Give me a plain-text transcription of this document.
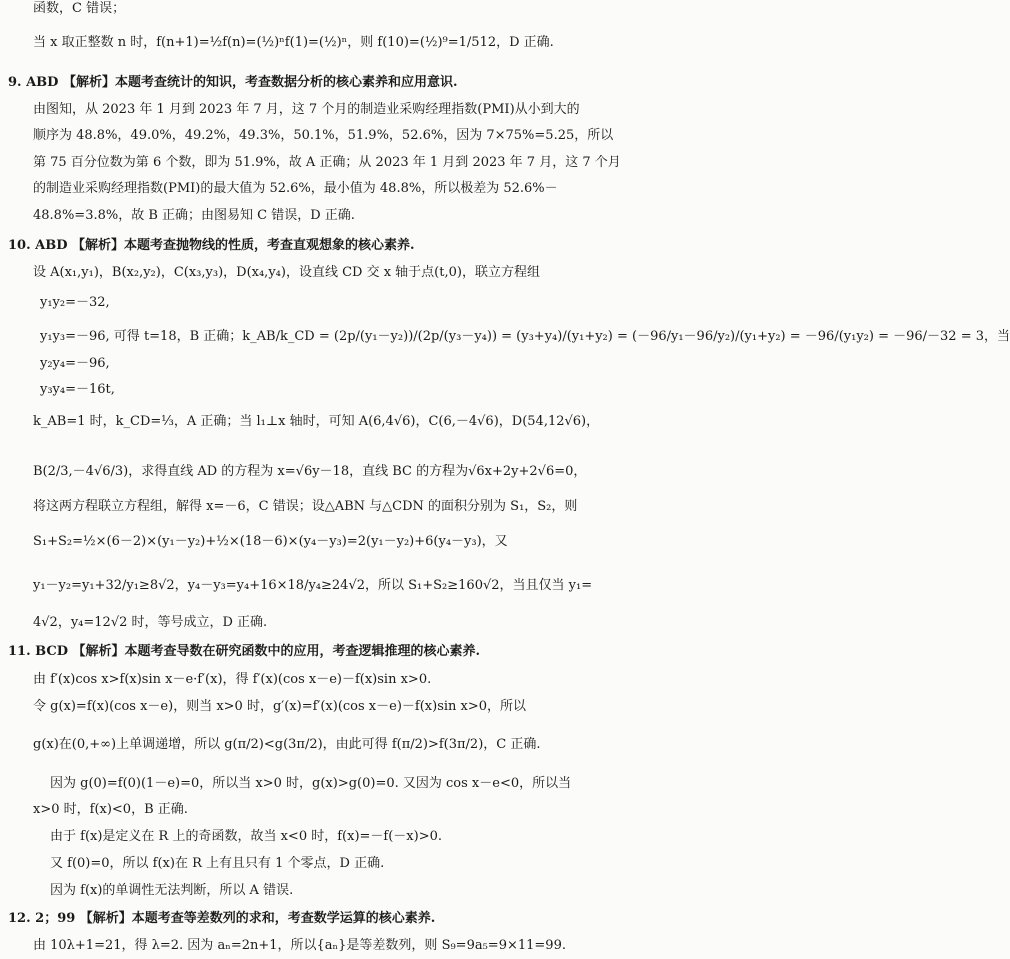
函数，C 错误；
当 x 取正整数 n 时，f(n+1)=½f(n)=(½)ⁿf(1)=(½)ⁿ，则 f(10)=(½)⁹=1/512，D 正确.
9. ABD 【解析】本题考查统计的知识，考查数据分析的核心素养和应用意识.
由图知，从 2023 年 1 月到 2023 年 7 月，这 7 个月的制造业采购经理指数(PMI)从小到大的
顺序为 48.8%，49.0%，49.2%，49.3%，50.1%，51.9%，52.6%，因为 7×75%=5.25，所以
第 75 百分位数为第 6 个数，即为 51.9%，故 A 正确；从 2023 年 1 月到 2023 年 7 月，这 7 个月
的制造业采购经理指数(PMI)的最大值为 52.6%，最小值为 48.8%，所以极差为 52.6%－
48.8%=3.8%，故 B 正确；由图易知 C 错误，D 正确.
10. ABD 【解析】本题考查抛物线的性质，考查直观想象的核心素养.
设 A(x₁,y₁)，B(x₂,y₂)，C(x₃,y₃)，D(x₄,y₄)，设直线 CD 交 x 轴于点(t,0)，联立方程组
y₁y₂=－32,
y₁y₃=－96, 可得 t=18，B 正确；k_AB/k_CD = (2p/(y₁－y₂))/(2p/(y₃－y₄)) = (y₃+y₄)/(y₁+y₂) = (－96/y₁－96/y₂)/(y₁+y₂) = －96/(y₁y₂) = －96/－32 = 3，当
y₂y₄=－96,
y₃y₄=－16t,
k_AB=1 时，k_CD=⅓，A 正确；当 l₁⊥x 轴时，可知 A(6,4√6)，C(6,－4√6)，D(54,12√6)，
B(2/3,－4√6/3)，求得直线 AD 的方程为 x=√6y－18，直线 BC 的方程为√6x+2y+2√6=0，
将这两方程联立方程组，解得 x=－6，C 错误；设△ABN 与△CDN 的面积分别为 S₁，S₂，则
S₁+S₂=½×(6－2)×(y₁－y₂)+½×(18－6)×(y₄－y₃)=2(y₁－y₂)+6(y₄－y₃)，又
y₁－y₂=y₁+32/y₁≥8√2，y₄－y₃=y₄+16×18/y₄≥24√2，所以 S₁+S₂≥160√2，当且仅当 y₁=
4√2，y₄=12√2 时，等号成立，D 正确.
11. BCD 【解析】本题考查导数在研究函数中的应用，考查逻辑推理的核心素养.
由 f′(x)cos x>f(x)sin x－e·f′(x)，得 f′(x)(cos x－e)－f(x)sin x>0.
令 g(x)=f(x)(cos x－e)，则当 x>0 时，g′(x)=f′(x)(cos x－e)－f(x)sin x>0，所以
g(x)在(0,+∞)上单调递增，所以 g(π/2)<g(3π/2)，由此可得 f(π/2)>f(3π/2)，C 正确.
因为 g(0)=f(0)(1－e)=0，所以当 x>0 时，g(x)>g(0)=0. 又因为 cos x－e<0，所以当
x>0 时，f(x)<0，B 正确.
由于 f(x)是定义在 R 上的奇函数，故当 x<0 时，f(x)=－f(－x)>0.
又 f(0)=0，所以 f(x)在 R 上有且只有 1 个零点，D 正确.
因为 f(x)的单调性无法判断，所以 A 错误.
12. 2；99 【解析】本题考查等差数列的求和，考查数学运算的核心素养.
由 10λ+1=21，得 λ=2. 因为 aₙ=2n+1，所以{aₙ}是等差数列，则 S₉=9a₅=9×11=99.
